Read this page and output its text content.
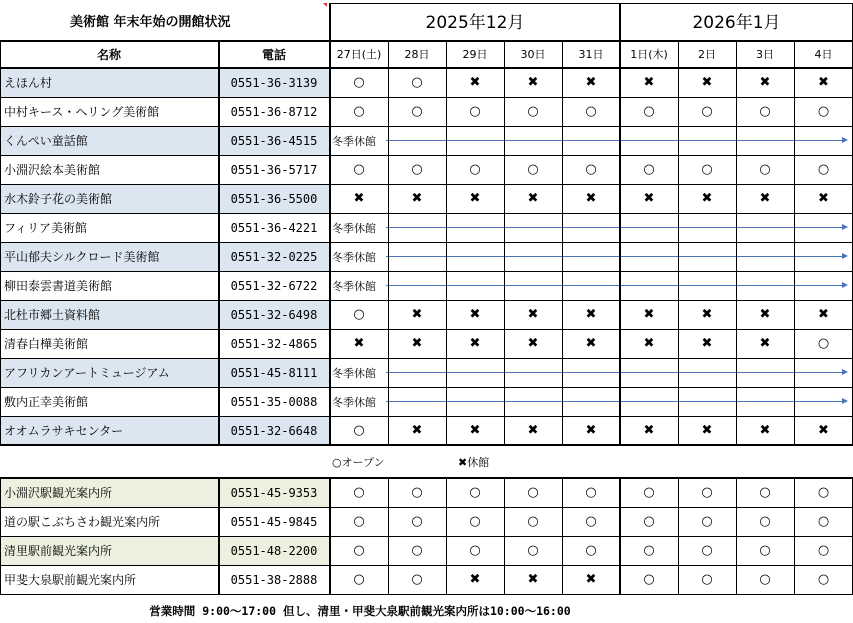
美術館 年末年始の開館状況	2025年12月	2026年1月
名称	電話	27日(土)	28日	29日	30日	31日	1日(木)	2日	3日	4日
えほん村	0551-36-3139	○	○	✖	✖	✖	✖	✖	✖	✖
中村キース・ヘリング美術館	0551-36-8712	○	○	○	○	○	○	○	○	○
くんぺい童話館	0551-36-4515	冬季休館
小淵沢絵本美術館	0551-36-5717	○	○	○	○	○	○	○	○	○
水木鈴子花の美術館	0551-36-5500	✖	✖	✖	✖	✖	✖	✖	✖	✖
フィリア美術館	0551-36-4221	冬季休館
平山郁夫シルクロード美術館	0551-32-0225	冬季休館
柳田泰雲書道美術館	0551-32-6722	冬季休館
北杜市郷土資料館	0551-32-6498	○	✖	✖	✖	✖	✖	✖	✖	✖
清春白樺美術館	0551-32-4865	✖	✖	✖	✖	✖	✖	✖	✖	○
アフリカンアートミュージアム	0551-45-8111	冬季休館
敷内正幸美術館	0551-35-0088	冬季休館
オオムラサキセンター	0551-32-6648	○	✖	✖	✖	✖	✖	✖	✖	✖
○オープン	✖休館
小淵沢駅観光案内所	0551-45-9353	○	○	○	○	○	○	○	○	○
道の駅こぶちさわ観光案内所	0551-45-9845	○	○	○	○	○	○	○	○	○
清里駅前観光案内所	0551-48-2200	○	○	○	○	○	○	○	○	○
甲斐大泉駅前観光案内所	0551-38-2888	○	○	✖	✖	✖	○	○	○	○
営業時間 9:00～17:00 但し、清里・甲斐大泉駅前観光案内所は10:00～16:00
